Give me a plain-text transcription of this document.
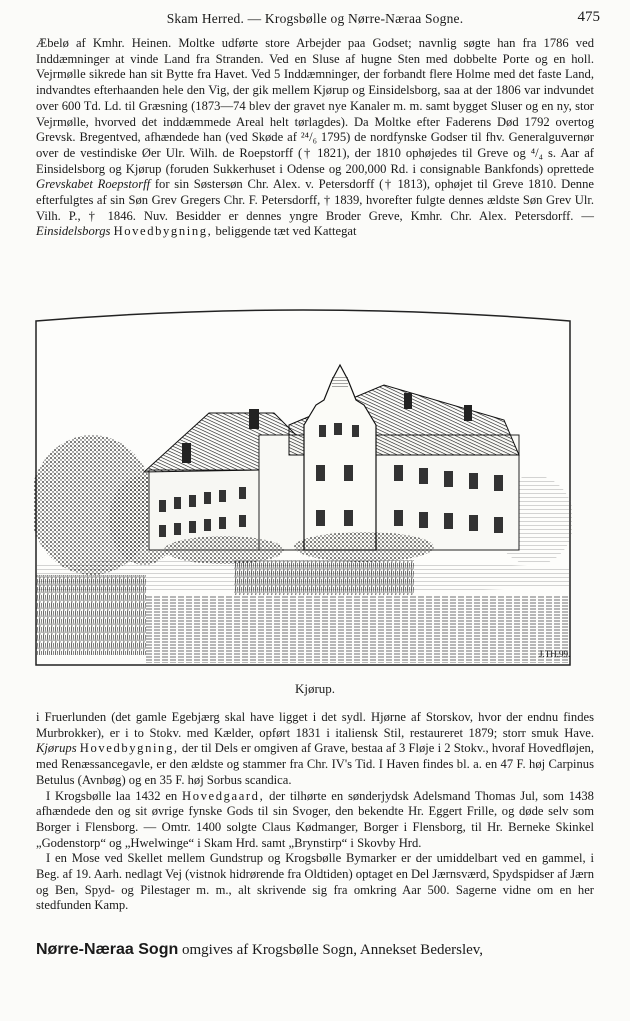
Skam Herred. — Krogsbølle og Nørre-Næraa Sogne.	475

Æbelø af Kmhr. Heinen. Moltke udførte store Arbejder paa Godset; navnlig søgte han fra 1786 ved Inddæmninger at vinde Land fra Stranden. Ved en Sluse af hugne Sten med dobbelte Porte og en holl. Vejrmølle sikrede han sit Bytte fra Havet. Ved 5 Inddæmninger, der forbandt flere Holme med det faste Land, indvandtes efterhaanden hele den Vig, der gik mellem Kjørup og Einsidelsborg, saa at der 1806 var indvundet over 600 Td. Ld. til Græsning (1873—74 blev der gravet nye Kanaler m. m. samt bygget Sluser og en ny, stor Vejrmølle, hvorved det inddæmmede Areal helt tørlagdes). Da Moltke efter Faderens Død 1792 overtog Grevsk. Bregentved, afhændede han (ved Skøde af ²⁴/₆ 1795) de nordfynske Godser til fhv. Generalguvernør over de vestindiske Øer Ulr. Wilh. de Roepstorff († 1821), der 1810 ophøjedes til Greve og ⁴/₄ s. Aar af Einsidelsborg og Kjørup (foruden Sukkerhuset i Odense og 200,000 Rd. i consignable Bankfonds) oprettede Grevskabet Roepstorff for sin Søstersøn Chr. Alex. v. Petersdorff († 1813), ophøjet til Greve 1810. Denne efterfulgtes af sin Søn Grev Gregers Chr. F. Petersdorff, † 1839, hvorefter fulgte dennes ældste Søn Grev Ulr. Vilh. P., † 1846. Nuv. Besidder er dennes yngre Broder Greve, Kmhr. Chr. Alex. Petersdorff. — Einsidelsborgs Hovedbygning, beliggende tæt ved Kattegat

J.TH.99.
Kjørup.

i Fruerlunden (det gamle Egebjærg skal have ligget i det sydl. Hjørne af Storskov, hvor der endnu findes Murbrokker), er i to Stokv. med Kælder, opført 1831 i italiensk Stil, restaureret 1879; storr smuk Have. Kjørups Hovedbygning, der til Dels er omgiven af Grave, bestaa af 3 Fløje i 2 Stokv., hvoraf Hovedfløjen, med Renæssancegavle, er den ældste og stammer fra Chr. IV's Tid. I Haven findes bl. a. en 47 F. høj Carpinus Betulus (Avnbøg) og en 35 F. høj Sorbus scandica.
I Krogsbølle laa 1432 en Hovedgaard, der tilhørte en sønderjydsk Adelsmand Thomas Jul, som 1438 afhændede den og sit øvrige fynske Gods til sin Svoger, den bekendte Hr. Eggert Frille, og døde selv som Borger i Flensborg. — Omtr. 1400 solgte Claus Kødmanger, Borger i Flensborg, til Hr. Berneke Skinkel „Godenstorp“ og „Hwelwinge“ i Skam Hrd. samt „Brynstirp“ i Skovby Hrd.
I en Mose ved Skellet mellem Gundstrup og Krogsbølle Bymarker er der umiddelbart ved en gammel, i Beg. af 19. Aarh. nedlagt Vej (vistnok hidrørende fra Oldtiden) optaget en Del Jærnsværd, Spydspidser af Jærn og Ben, Spyd- og Pilestager m. m., alt skrivende sig fra omkring Aar 500. Sagerne vidne om en her stedfunden Kamp.

Nørre-Næraa Sogn omgives af Krogsbølle Sogn, Annekset Bederslev,
